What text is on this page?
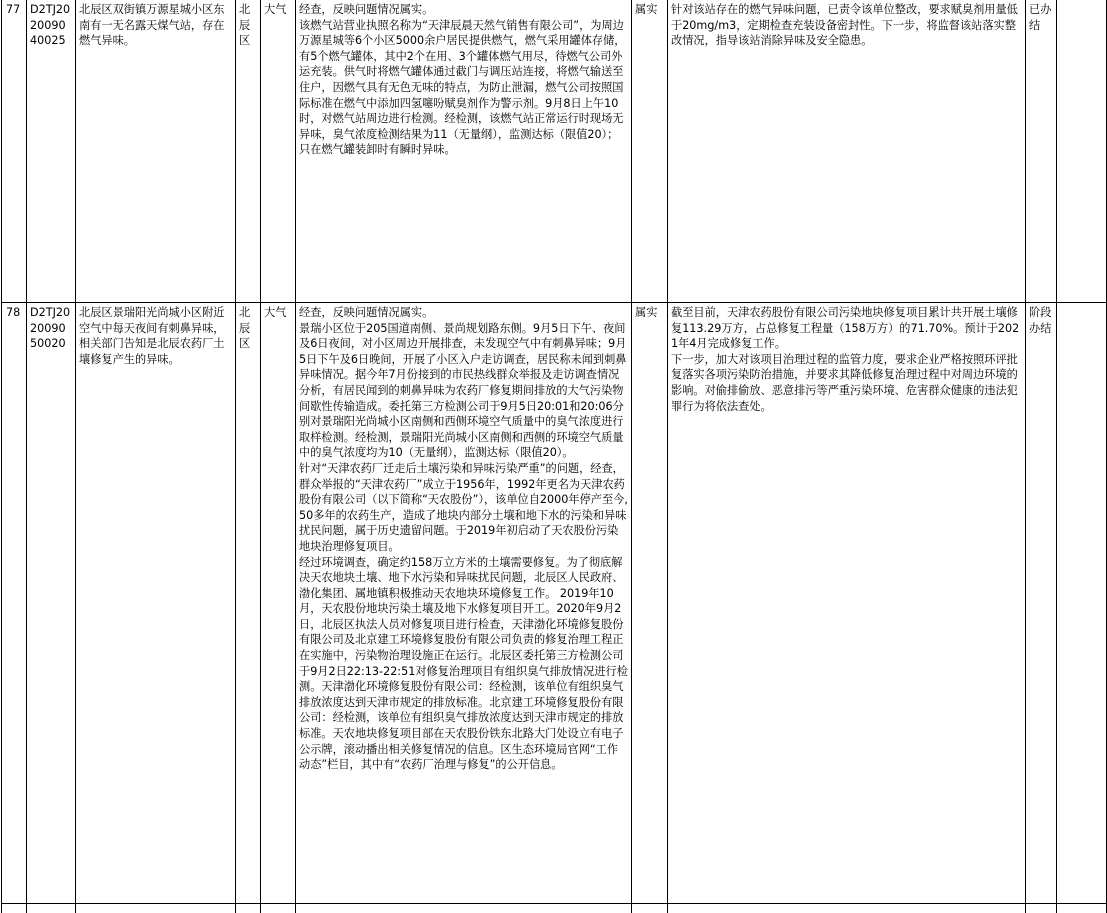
77	D2TJ202009040025	北辰区双街镇万源星城小区东南有一无名露天煤气站，存在燃气异味。	北辰区	大气	经查，反映问题情况属实。
该燃气站营业执照名称为“天津辰晨天然气销售有限公司”，为周边万源星城等6个小区5000余户居民提供燃气，燃气采用罐体存储，有5个燃气罐体，其中2个在用、3个罐体燃气用尽，待燃气公司外运充装。供气时将燃气罐体通过截门与调压站连接，将燃气输送至住户，因燃气具有无色无味的特点，为防止泄漏，燃气公司按照国际标准在燃气中添加四氢噻吩赋臭剂作为警示剂。9月8日上午10时，对燃气站周边进行检测。经检测，该燃气站正常运行时现场无异味，臭气浓度检测结果为11（无量纲），监测达标（限值20）；只在燃气罐装卸时有瞬时异味。	属实	针对该站存在的燃气异味问题，已责令该单位整改，要求赋臭剂用量低于20mg/m3，定期检查充装设备密封性。下一步，将监督该站落实整改情况，指导该站消除异味及安全隐患。	已办结	
78	D2TJ202009050020	北辰区景瑞阳光尚城小区附近空气中每天夜间有刺鼻异味，相关部门告知是北辰农药厂土壤修复产生的异味。	北辰区	大气	经查，反映问题情况属实。
景瑞小区位于205国道南侧、景尚规划路东侧。9月5日下午、夜间及6日夜间，对小区周边开展排查，未发现空气中有刺鼻异味；9月5日下午及6日晚间，开展了小区入户走访调查，居民称未闻到刺鼻异味情况。据今年7月份接到的市民热线群众举报及走访调查情况分析，有居民闻到的刺鼻异味为农药厂修复期间排放的大气污染物间歇性传输造成。委托第三方检测公司于9月5日20:01和20:06分别对景瑞阳光尚城小区南侧和西侧环境空气质量中的臭气浓度进行取样检测。经检测，景瑞阳光尚城小区南侧和西侧的环境空气质量中的臭气浓度均为10（无量纲），监测达标（限值20）。
针对“天津农药厂迁走后土壤污染和异味污染严重”的问题，经查，群众举报的“天津农药厂”成立于1956年，1992年更名为天津农药股份有限公司（以下简称“天农股份”），该单位自2000年停产至今,50多年的农药生产，造成了地块内部分土壤和地下水的污染和异味扰民问题，属于历史遗留问题。于2019年初启动了天农股份污染地块治理修复项目。
经过环境调查，确定约158万立方米的土壤需要修复。为了彻底解决天农地块土壤、地下水污染和异味扰民问题，北辰区人民政府、渤化集团、属地镇积极推动天农地块环境修复工作。 2019年10月，天农股份地块污染土壤及地下水修复项目开工。2020年9月2日，北辰区执法人员对修复项目进行检查，天津渤化环境修复股份有限公司及北京建工环境修复股份有限公司负责的修复治理工程正在实施中，污染物治理设施正在运行。北辰区委托第三方检测公司于9月2日22:13-22:51对修复治理项目有组织臭气排放情况进行检测。天津渤化环境修复股份有限公司：经检测，该单位有组织臭气排放浓度达到天津市规定的排放标准。北京建工环境修复股份有限公司：经检测，该单位有组织臭气排放浓度达到天津市规定的排放标准。天农地块修复项目部在天农股份铁东北路大门处设立有电子公示牌，滚动播出相关修复情况的信息。区生态环境局官网“工作动态”栏目，其中有“农药厂治理与修复”的公开信息。	属实	截至目前，天津农药股份有限公司污染地块修复项目累计共开展土壤修复113.29万方，占总修复工程量（158万方）的71.70%。预计于2021年4月完成修复工作。
下一步，加大对该项目治理过程的监管力度，要求企业严格按照环评批复落实各项污染防治措施，并要求其降低修复治理过程中对周边环境的影响。对偷排偷放、恶意排污等严重污染环境、危害群众健康的违法犯罪行为将依法查处。	阶段办结	
